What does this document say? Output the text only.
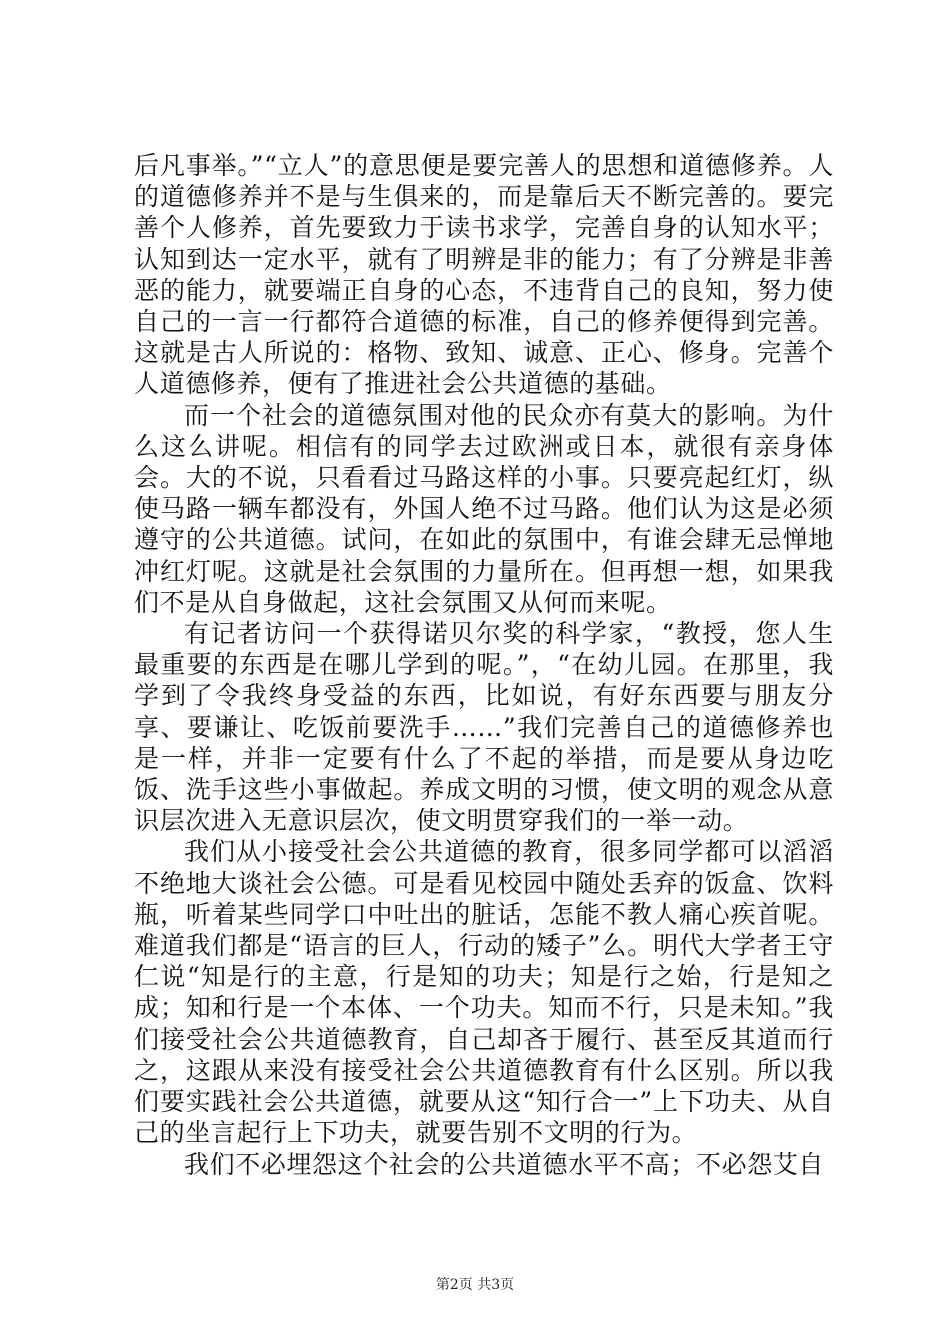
后凡事举。”“立人”的意思便是要完善人的思想和道德修养。人的道德修养并不是与生俱来的，而是靠后天不断完善的。要完善个人修养，首先要致力于读书求学，完善自身的认知水平；认知到达一定水平，就有了明辨是非的能力；有了分辨是非善恶的能力，就要端正自身的心态，不违背自己的良知，努力使自己的一言一行都符合道德的标准，自己的修养便得到完善。这就是古人所说的：格物、致知、诚意、正心、修身。完善个人道德修养，便有了推进社会公共道德的基础。

而一个社会的道德氛围对他的民众亦有莫大的影响。为什么这么讲呢。相信有的同学去过欧洲或日本，就很有亲身体会。大的不说，只看看过马路这样的小事。只要亮起红灯，纵使马路一辆车都没有，外国人绝不过马路。他们认为这是必须遵守的公共道德。试问，在如此的氛围中，有谁会肆无忌惮地冲红灯呢。这就是社会氛围的力量所在。但再想一想，如果我们不是从自身做起，这社会氛围又从何而来呢。

有记者访问一个获得诺贝尔奖的科学家，“教授，您人生最重要的东西是在哪儿学到的呢。”，“在幼儿园。在那里，我学到了令我终身受益的东西，比如说，有好东西要与朋友分享、要谦让、吃饭前要洗手……”我们完善自己的道德修养也是一样，并非一定要有什么了不起的举措，而是要从身边吃饭、洗手这些小事做起。养成文明的习惯，使文明的观念从意识层次进入无意识层次，使文明贯穿我们的一举一动。

我们从小接受社会公共道德的教育，很多同学都可以滔滔不绝地大谈社会公德。可是看见校园中随处丢弃的饭盒、饮料瓶，听着某些同学口中吐出的脏话，怎能不教人痛心疾首呢。难道我们都是“语言的巨人，行动的矮子”么。明代大学者王守仁说“知是行的主意，行是知的功夫；知是行之始，行是知之成；知和行是一个本体、一个功夫。知而不行，只是未知。”我们接受社会公共道德教育，自己却吝于履行、甚至反其道而行之，这跟从来没有接受社会公共道德教育有什么区别。所以我们要实践社会公共道德，就要从这“知行合一”上下功夫、从自己的坐言起行上下功夫，就要告别不文明的行为。

我们不必埋怨这个社会的公共道德水平不高；不必怨艾自

第2页 共3页
